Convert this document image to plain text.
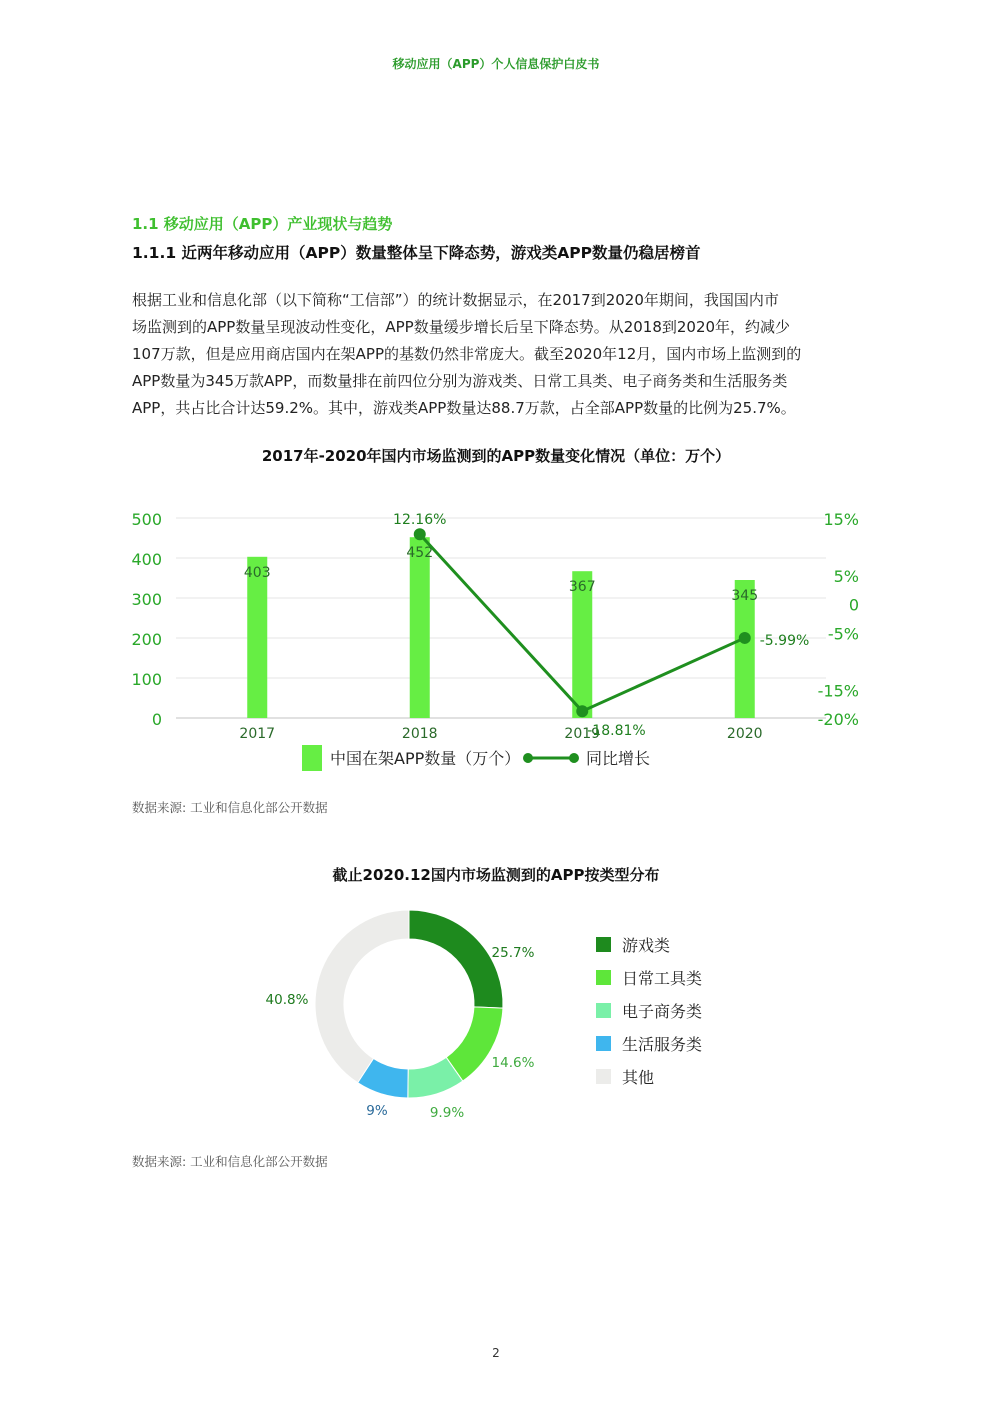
移动应用（APP）个人信息保护白皮书
1.1 移动应用（APP）产业现状与趋势
1.1.1 近两年移动应用（APP）数量整体呈下降态势，游戏类APP数量仍稳居榜首
根据工业和信息化部（以下简称“工信部”）的统计数据显示，在2017到2020年期间，我国国内市
场监测到的APP数量呈现波动性变化，APP数量缓步增长后呈下降态势。从2018到2020年，约减少
107万款，但是应用商店国内在架APP的基数仍然非常庞大。截至2020年12月，国内市场上监测到的
APP数量为345万款APP，而数量排在前四位分别为游戏类、日常工具类、电子商务类和生活服务类
APP，共占比合计达59.2%。其中，游戏类APP数量达88.7万款，占全部APP数量的比例为25.7%。
2017年-2020年国内市场监测到的APP数量变化情况（单位：万个）
0
100
200
300
400
500
-20%
-15%
-5%
0
5%
15%
403
452
367
345
2017	2018	2019	2020
12.16%
-18.81%
-5.99%
中国在架APP数量（万个）	同比增长
数据来源: 工业和信息化部公开数据
截止2020.12国内市场监测到的APP按类型分布
25.7%
14.6%
9.9%
9%
40.8%
游戏类
日常工具类
电子商务类
生活服务类
其他
数据来源: 工业和信息化部公开数据
2
